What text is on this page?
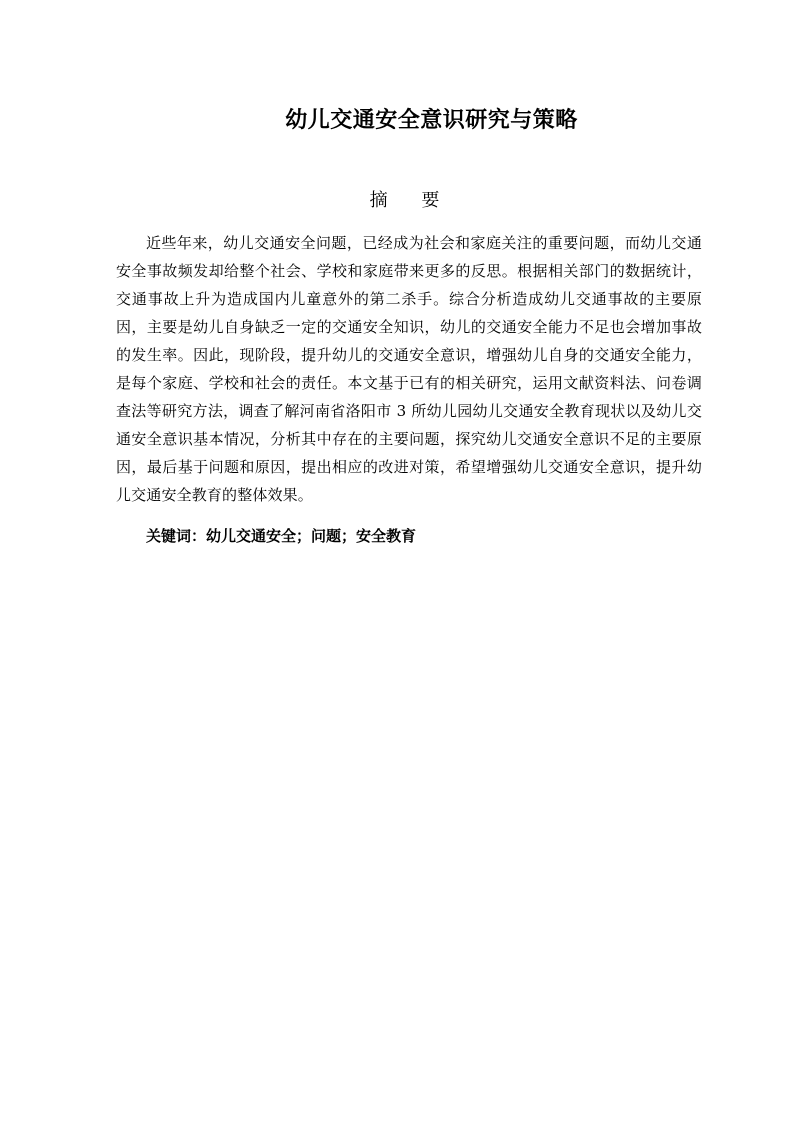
幼儿交通安全意识研究与策略
摘 要

近些年来，幼儿交通安全问题，已经成为社会和家庭关注的重要问题，而幼儿交通安全事故频发却给整个社会、学校和家庭带来更多的反思。根据相关部门的数据统计，交通事故上升为造成国内儿童意外的第二杀手。综合分析造成幼儿交通事故的主要原因，主要是幼儿自身缺乏一定的交通安全知识，幼儿的交通安全能力不足也会增加事故的发生率。因此，现阶段，提升幼儿的交通安全意识，增强幼儿自身的交通安全能力，是每个家庭、学校和社会的责任。本文基于已有的相关研究，运用文献资料法、问卷调查法等研究方法，调查了解河南省洛阳市 3 所幼儿园幼儿交通安全教育现状以及幼儿交通安全意识基本情况，分析其中存在的主要问题，探究幼儿交通安全意识不足的主要原因，最后基于问题和原因，提出相应的改进对策，希望增强幼儿交通安全意识，提升幼儿交通安全教育的整体效果。

关键词：幼儿交通安全；问题；安全教育
